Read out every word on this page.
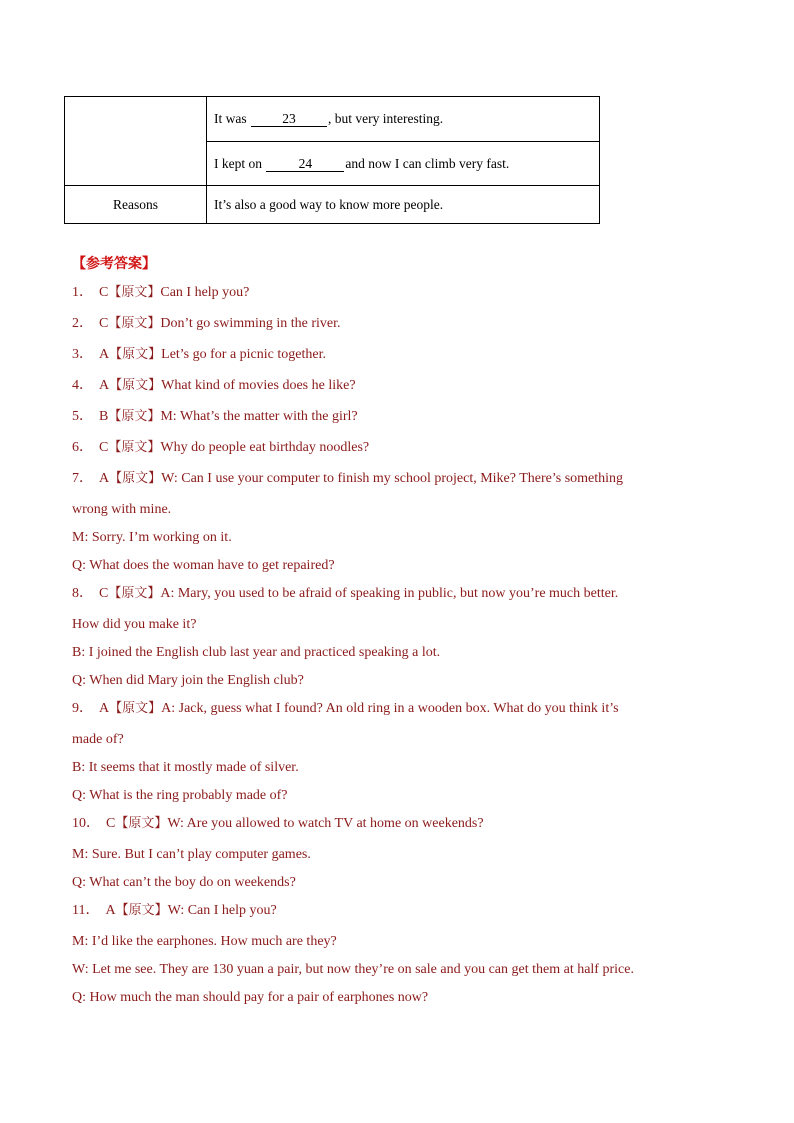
	It was 23 , but very interesting.
	I kept on 24 and now I can climb very fast.
Reasons	It’s also a good way to know more people.
【参考答案】
1． C【原文】Can I help you?
2． C【原文】Don’t go swimming in the river.
3． A【原文】Let’s go for a picnic together.
4． A【原文】What kind of movies does he like?
5． B【原文】M: What’s the matter with the girl?
6． C【原文】Why do people eat birthday noodles?
7． A【原文】W: Can I use your computer to finish my school project, Mike? There’s something
wrong with mine.
M: Sorry. I’m working on it.
Q: What does the woman have to get repaired?
8． C【原文】A: Mary, you used to be afraid of speaking in public, but now you’re much better.
How did you make it?
B: I joined the English club last year and practiced speaking a lot.
Q: When did Mary join the English club?
9． A【原文】A: Jack, guess what I found? An old ring in a wooden box. What do you think it’s
made of?
B: It seems that it mostly made of silver.
Q: What is the ring probably made of?
10． C【原文】W: Are you allowed to watch TV at home on weekends?
M: Sure. But I can’t play computer games.
Q: What can’t the boy do on weekends?
11． A【原文】W: Can I help you?
M: I’d like the earphones. How much are they?
W: Let me see. They are 130 yuan a pair, but now they’re on sale and you can get them at half price.
Q: How much the man should pay for a pair of earphones now?
